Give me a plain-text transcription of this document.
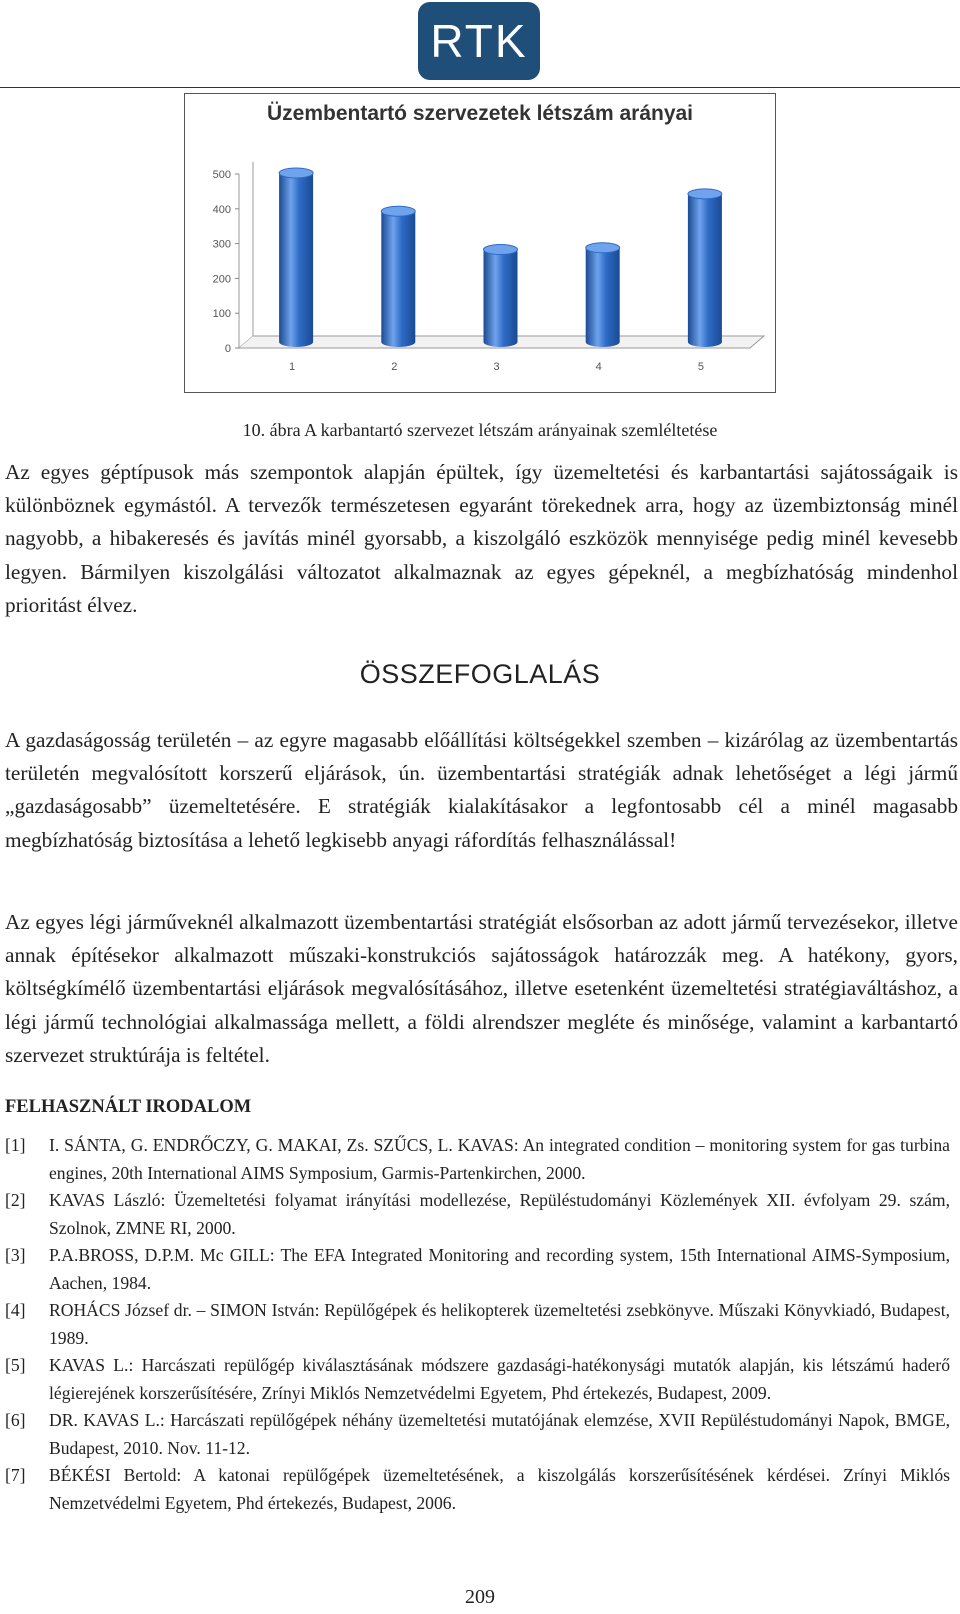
RTK
Üzembentartó szervezetek létszám arányai
0
100
200
300
400
500
1	2	3	4	5
10. ábra A karbantartó szervezet létszám arányainak szemléltetése

Az egyes géptípusok más szempontok alapján épültek, így üzemeltetési és karbantartási sajátosságaik is különböznek egymástól. A tervezők természetesen egyaránt törekednek arra, hogy az üzembiztonság minél nagyobb, a hibakeresés és javítás minél gyorsabb, a kiszolgáló eszközök mennyisége pedig minél kevesebb legyen. Bármilyen kiszolgálási változatot alkalmaznak az egyes gépeknél, a megbízhatóság mindenhol prioritást élvez.

ÖSSZEFOGLALÁS

A gazdaságosság területén – az egyre magasabb előállítási költségekkel szemben – kizárólag az üzembentartás területén megvalósított korszerű eljárások, ún. üzembentartási stratégiák adnak lehetőséget a légi jármű „gazdaságosabb” üzemeltetésére. E stratégiák kialakításakor a legfontosabb cél a minél magasabb megbízhatóság biztosítása a lehető legkisebb anyagi ráfordítás felhasználással!

Az egyes légi járműveknél alkalmazott üzembentartási stratégiát elsősorban az adott jármű tervezésekor, illetve annak építésekor alkalmazott műszaki-konstrukciós sajátosságok határozzák meg. A hatékony, gyors, költségkímélő üzembentartási eljárások megvalósításához, illetve esetenként üzemeltetési stratégiaváltáshoz, a légi jármű technológiai alkalmassága mellett, a földi alrendszer megléte és minősége, valamint a karbantartó szervezet struktúrája is feltétel.

FELHASZNÁLT IRODALOM
[1] I. SÁNTA, G. ENDRŐCZY, G. MAKAI, Zs. SZŰCS, L. KAVAS: An integrated condition – monitoring system for gas turbina engines, 20th International AIMS Symposium, Garmis-Partenkirchen, 2000.
[2] KAVAS László: Üzemeltetési folyamat irányítási modellezése, Repüléstudományi Közlemények XII. évfolyam 29. szám, Szolnok, ZMNE RI, 2000.
[3] P.A.BROSS, D.P.M. Mc GILL: The EFA Integrated Monitoring and recording system, 15th International AIMS-Symposium, Aachen, 1984.
[4] ROHÁCS József dr. – SIMON István: Repülőgépek és helikopterek üzemeltetési zsebkönyve. Műszaki Könyvkiadó, Budapest, 1989.
[5] KAVAS L.: Harcászati repülőgép kiválasztásának módszere gazdasági-hatékonysági mutatók alapján, kis létszámú haderő légierejének korszerűsítésére, Zrínyi Miklós Nemzetvédelmi Egyetem, Phd értekezés, Budapest, 2009.
[6] DR. KAVAS L.: Harcászati repülőgépek néhány üzemeltetési mutatójának elemzése, XVII Repüléstudományi Napok, BMGE, Budapest, 2010. Nov. 11-12.
[7] BÉKÉSI Bertold: A katonai repülőgépek üzemeltetésének, a kiszolgálás korszerűsítésének kérdései. Zrínyi Miklós Nemzetvédelmi Egyetem, Phd értekezés, Budapest, 2006.
209
